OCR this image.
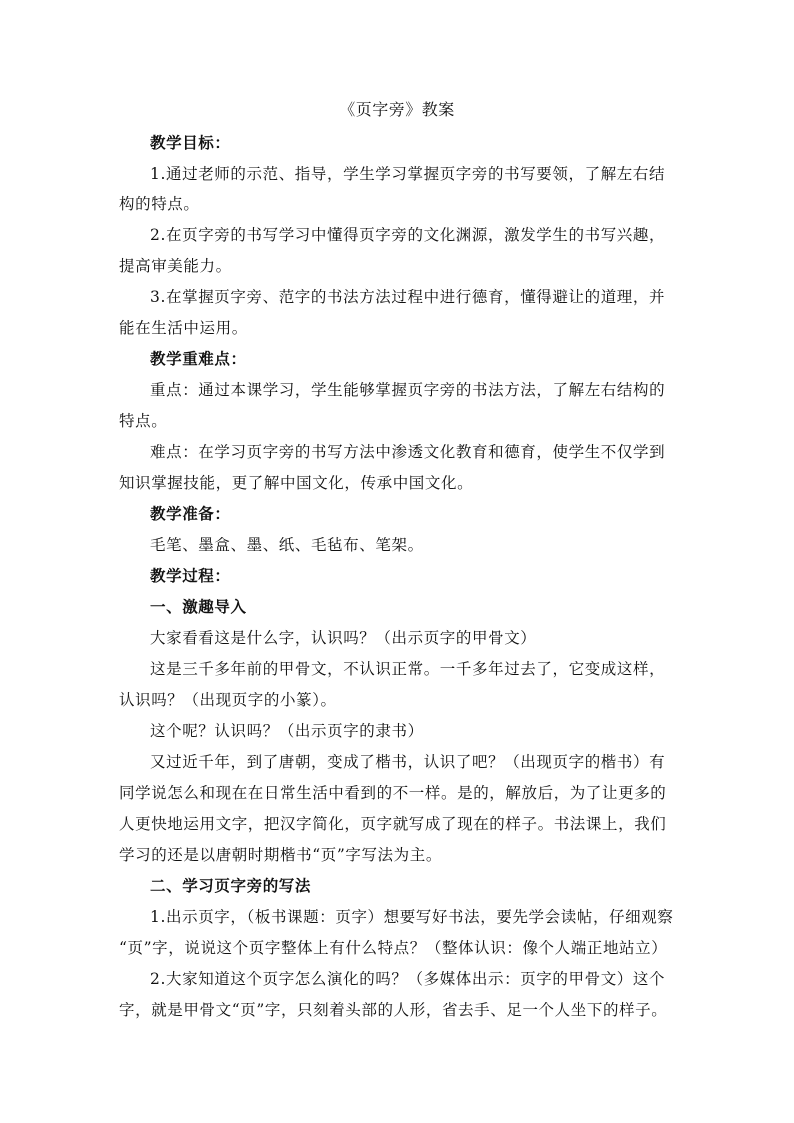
《页字旁》教案
教学目标：
1.通过老师的示范、指导，学生学习掌握页字旁的书写要领，了解左右结
构的特点。
2.在页字旁的书写学习中懂得页字旁的文化渊源，激发学生的书写兴趣，
提高审美能力。
3.在掌握页字旁、范字的书法方法过程中进行德育，懂得避让的道理，并
能在生活中运用。
教学重难点：
重点：通过本课学习，学生能够掌握页字旁的书法方法，了解左右结构的
特点。
难点：在学习页字旁的书写方法中渗透文化教育和德育，使学生不仅学到
知识掌握技能，更了解中国文化，传承中国文化。
教学准备：
毛笔、墨盒、墨、纸、毛毡布、笔架。
教学过程：
一、激趣导入
大家看看这是什么字，认识吗？（出示页字的甲骨文）
这是三千多年前的甲骨文，不认识正常。一千多年过去了，它变成这样，
认识吗？（出现页字的小篆）。
这个呢？认识吗？（出示页字的隶书）
又过近千年，到了唐朝，变成了楷书，认识了吧？（出现页字的楷书）有
同学说怎么和现在在日常生活中看到的不一样。是的，解放后，为了让更多的
人更快地运用文字，把汉字简化，页字就写成了现在的样子。书法课上，我们
学习的还是以唐朝时期楷书“页”字写法为主。
二、学习页字旁的写法
1.出示页字，（板书课题：页字）想要写好书法，要先学会读帖，仔细观察
“页”字，说说这个页字整体上有什么特点？（整体认识：像个人端正地站立）
2.大家知道这个页字怎么演化的吗？（多媒体出示：页字的甲骨文）这个
字，就是甲骨文“页”字，只刻着头部的人形，省去手、足一个人坐下的样子。
